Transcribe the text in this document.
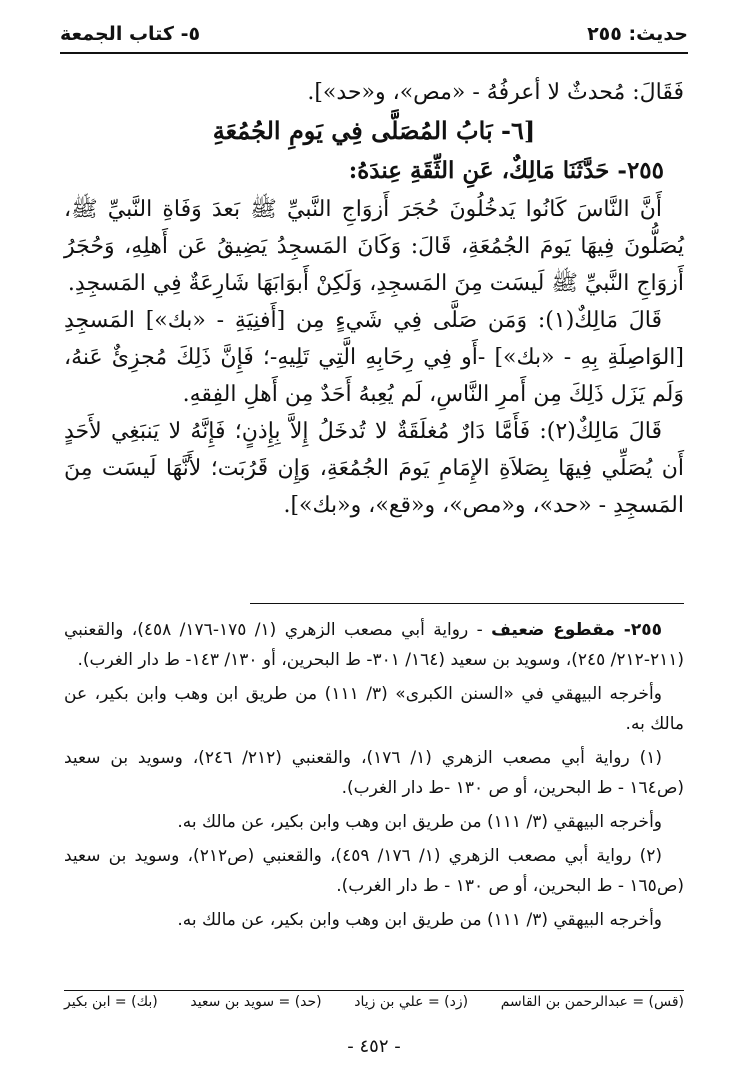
حديث: ٢٥٥
٥- كتاب الجمعة

فَقَالَ: مُحدثٌ لا أعرفُهُ - «مص»، و«حد»].

[٦- بَابُ المُصَلَّى فِي يَومِ الجُمُعَةِ

٢٥٥- حَدَّثَنَا مَالِكٌ، عَنِ الثِّقَةِ عِندَهُ:

أَنَّ النَّاسَ كَانُوا يَدخُلُونَ حُجَرَ أَزوَاجِ النَّبيِّ ﷺ بَعدَ وَفَاةِ النَّبيِّ ﷺ، يُصَلُّونَ فِيهَا يَومَ الجُمُعَةِ، قَالَ: وَكَانَ المَسجِدُ يَضِيقُ عَن أَهلِهِ، وَحُجَرُ أَزوَاجِ النَّبيِّ ﷺ لَيسَت مِنَ المَسجِدِ، وَلَكِنْ أَبوَابَهَا شَارِعَةٌ فِي المَسجِدِ.

قَالَ مَالِكٌ(١): وَمَن صَلَّى فِي شَيءٍ مِن [أَفنِيَةِ - «بك»] المَسجِدِ [الوَاصِلَةِ بِهِ - «بك»] -أَو فِي رِحَابِهِ الَّتِي تَلِيهِ-؛ فَإِنَّ ذَلِكَ مُجزِئٌ عَنهُ، وَلَم يَزَل ذَلِكَ مِن أَمرِ النَّاسِ، لَم يُعِبهُ أَحَدٌ مِن أَهلِ الفِقهِ.

قَالَ مَالِكٌ(٢): فَأَمَّا دَارٌ مُغلَقَةٌ لا تُدخَلُ إِلاَّ بِإِذنٍ؛ فَإِنَّهُ لا يَنبَغِي لأَحَدٍ أَن يُصَلِّي فِيهَا بِصَلاَةِ الإِمَامِ يَومَ الجُمُعَةِ، وَإِن قَرُبَت؛ لأَنَّهَا لَيسَت مِنَ المَسجِدِ - «حد»، و«مص»، و«قع»، و«بك»].

٢٥٥- مقطوع ضعيف - رواية أبي مصعب الزهري (١/ ١٧٥-١٧٦/ ٤٥٨)، والقعنبي (٢١١-٢١٢/ ٢٤٥)، وسويد بن سعيد (١٦٤/ ٣٠١- ط البحرين، أو ١٣٠/ ١٤٣- ط دار الغرب).

وأخرجه البيهقي في «السنن الكبرى» (٣/ ١١١) من طريق ابن وهب وابن بكير، عن مالك به.

(١) رواية أبي مصعب الزهري (١/ ١٧٦)، والقعنبي (٢١٢/ ٢٤٦)، وسويد بن سعيد (ص١٦٤ - ط البحرين، أو ص ١٣٠ -ط دار الغرب).

وأخرجه البيهقي (٣/ ١١١) من طريق ابن وهب وابن بكير، عن مالك به.

(٢) رواية أبي مصعب الزهري (١/ ١٧٦/ ٤٥٩)، والقعنبي (ص٢١٢)، وسويد بن سعيد (ص١٦٥ - ط البحرين، أو ص ١٣٠ - ط دار الغرب).

وأخرجه البيهقي (٣/ ١١١) من طريق ابن وهب وابن بكير، عن مالك به.

(قس) = عبدالرحمن بن القاسم
(زد) = علي بن زياد
(حد) = سويد بن سعيد
(بك) = ابن بكير
- ٤٥٢ -
